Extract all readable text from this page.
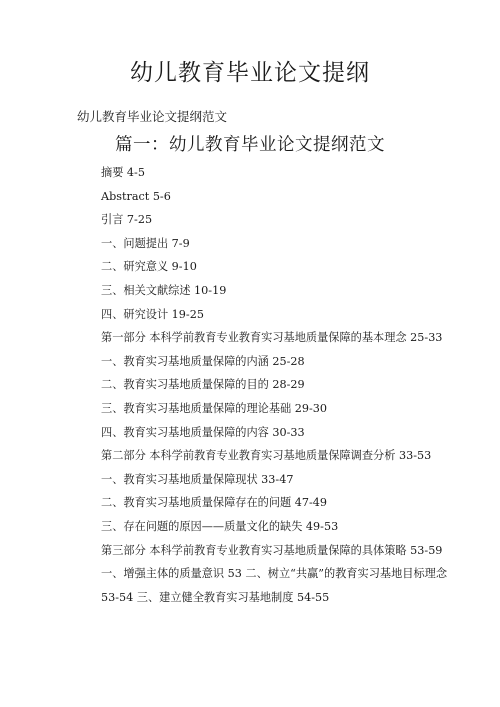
幼儿教育毕业论文提纲
幼儿教育毕业论文提纲范文
篇一：幼儿教育毕业论文提纲范文
摘要 4-5
Abstract 5-6
引言 7-25
一、问题提出 7-9
二、研究意义 9-10
三、相关文献综述 10-19
四、研究设计 19-25
第一部分 本科学前教育专业教育实习基地质量保障的基本理念 25-33
一、教育实习基地质量保障的内涵 25-28
二、教育实习基地质量保障的目的 28-29
三、教育实习基地质量保障的理论基础 29-30
四、教育实习基地质量保障的内容 30-33
第二部分 本科学前教育专业教育实习基地质量保障调查分析 33-53
一、教育实习基地质量保障现状 33-47
二、教育实习基地质量保障存在的问题 47-49
三、存在问题的原因——质量文化的缺失 49-53
第三部分 本科学前教育专业教育实习基地质量保障的具体策略 53-59
一、增强主体的质量意识 53 二、树立“共赢”的教育实习基地目标理念
53-54 三、建立健全教育实习基地制度 54-55
